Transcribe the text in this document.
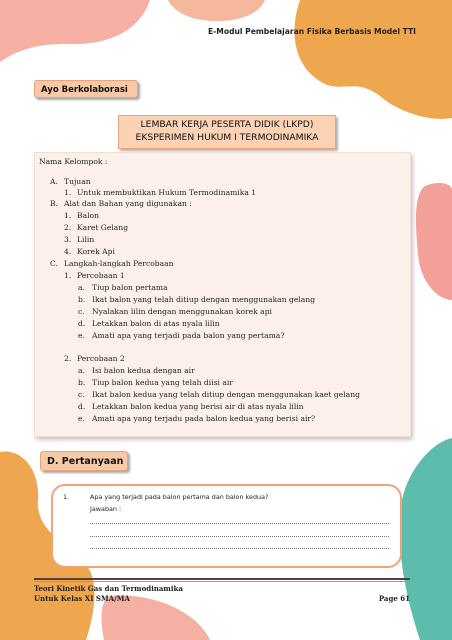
E-Modul Pembelajaran Fisika Berbasis Model TTI
Ayo Berkolaborasi
LEMBAR KERJA PESERTA DIDIK (LKPD)
EKSPERIMEN HUKUM I TERMODINAMIKA
Nama Kelompok :
A. Tujuan
1. Untuk membuktikan Hukum Termodinamika 1
B. Alat dan Bahan yang digunakan :
1. Balon
2. Karet Gelang
3. Lilin
4. Korek Api
C. Langkah-langkah Percobaan
1. Percobaan 1
a. Tiup balon pertama
b. Ikat balon yang telah ditiup dengan menggunakan gelang
c. Nyalakan lilin dengan menggunakan korek api
d. Letakkan balon di atas nyala lilin
e. Amati apa yang terjadi pada balon yang pertama?
2. Percobaan 2
a. Isi balon kedua dengan air
b. Tiup balon kedua yang telah diisi air
c. Ikat balon kedua yang telah ditiup dengan menggunakan kaet gelang
d. Letakkan balon kedua yang berisi air di atas nyala lilin
e. Amati apa yang terjadu pada balon kedua yang berisi air?
D. Pertanyaan
1.	Apa yang terjadi pada balon pertama dan balon kedua?
Jawaban :
Teori Kinetik Gas dan Termodinamika
Untuk Kelas XI SMA/MA	Page 61
